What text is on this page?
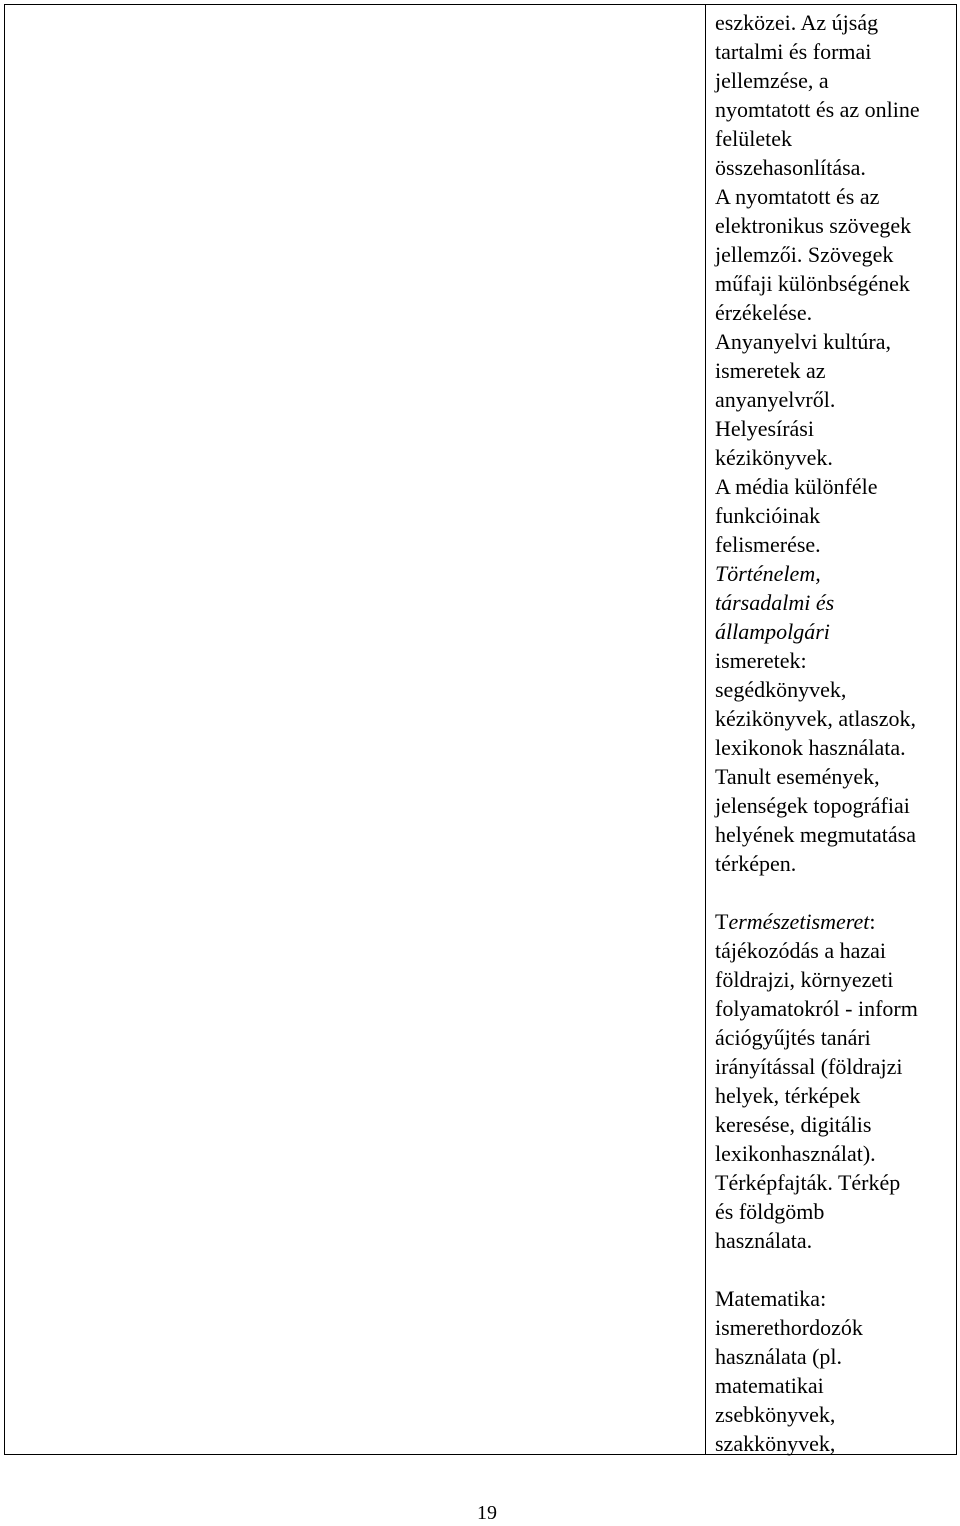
eszközei. Az újság
tartalmi és formai
jellemzése, a
nyomtatott és az online
felületek
összehasonlítása.
A nyomtatott és az
elektronikus szövegek
jellemzői. Szövegek
műfaji különbségének
érzékelése.
Anyanyelvi kultúra,
ismeretek az
anyanyelvről.
Helyesírási
kézikönyvek.
A média különféle
funkcióinak
felismerése.
Történelem,
társadalmi és
állampolgári
ismeretek:
segédkönyvek,
kézikönyvek, atlaszok,
lexikonok használata.
Tanult események,
jelenségek topográfiai
helyének megmutatása
térképen.
Természetismeret:
tájékozódás a hazai
földrajzi, környezeti
folyamatokról - inform
ációgyűjtés tanári
irányítással (földrajzi
helyek, térképek
keresése, digitális
lexikonhasználat).
Térképfajták. Térkép
és földgömb
használata.
Matematika:
ismerethordozók
használata (pl.
matematikai
zsebkönyvek,
szakkönyvek,
19
